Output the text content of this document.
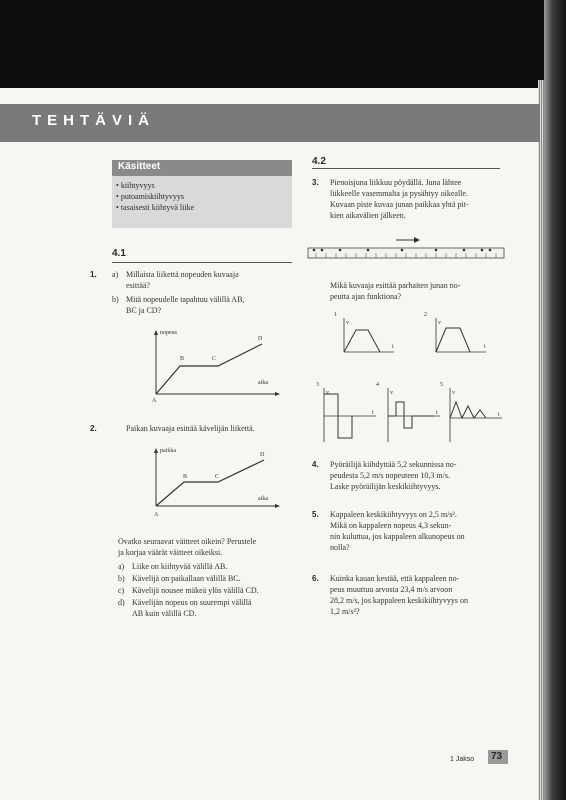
TEHTÄVIÄ
Käsitteet
• kiihtyvyys
• putoamiskiihtyvyys
• tasaisesti kiihtyvä liike
4.1
4.2
1. a) Millaista liikettä nopeuden kuvaaja
esittää?
b) Mitä nopeudelle tapahtuu välillä AB,
BC ja CD?
nopeus
aika
A
B	C
D
2.	Paikan kuvaaja esittää kävelijän liikettä.
paikka
aika
A
B	C
D
Ovatko seuraavat väitteet oikein? Perustele
ja korjaa väärät väitteet oikeiksi.
a) Liike on kiihtyvää välillä AB.
b) Kävelijä on paikallaan välillä BC.
c) Kävelijä nousee mäkeä ylös välillä CD.
d) Kävelijän nopeus on suurempi välillä
AB kuin välillä CD.
3. Pienoisjuna liikkuu pöydällä. Juna lähtee
liikkeelle vasemmalta ja pysähtyy oikealle.
Kuvaan piste kuvaa junan paikkaa yhtä pit-
kien aikavälien jälkeen.
Mikä kuvaaja esittää parhaiten junan no-
peutta ajan funktiona?
1
v
t
2
v
t
3
v
t
4
v
t
5
v
t
4. Pyöräilijä kiihdyttää 5,2 sekunnissa no-
peudesta 5,2 m/s nopeuteen 10,3 m/s.
Laske pyöräilijän keskikiihtyvyys.
5. Kappaleen keskikiihtyvyys on 2,5 m/s².
Mikä on kappaleen nopeus 4,3 sekun-
nin kuluttua, jos kappaleen alkunopeus on
nolla?
6. Kuinka kauan kestää, että kappaleen no-
peus muuttuu arvosta 23,4 m/s arvoon
28,2 m/s, jos kappaleen keskikiihtyvyys on
1,2 m/s²?
1 Jakso 73
